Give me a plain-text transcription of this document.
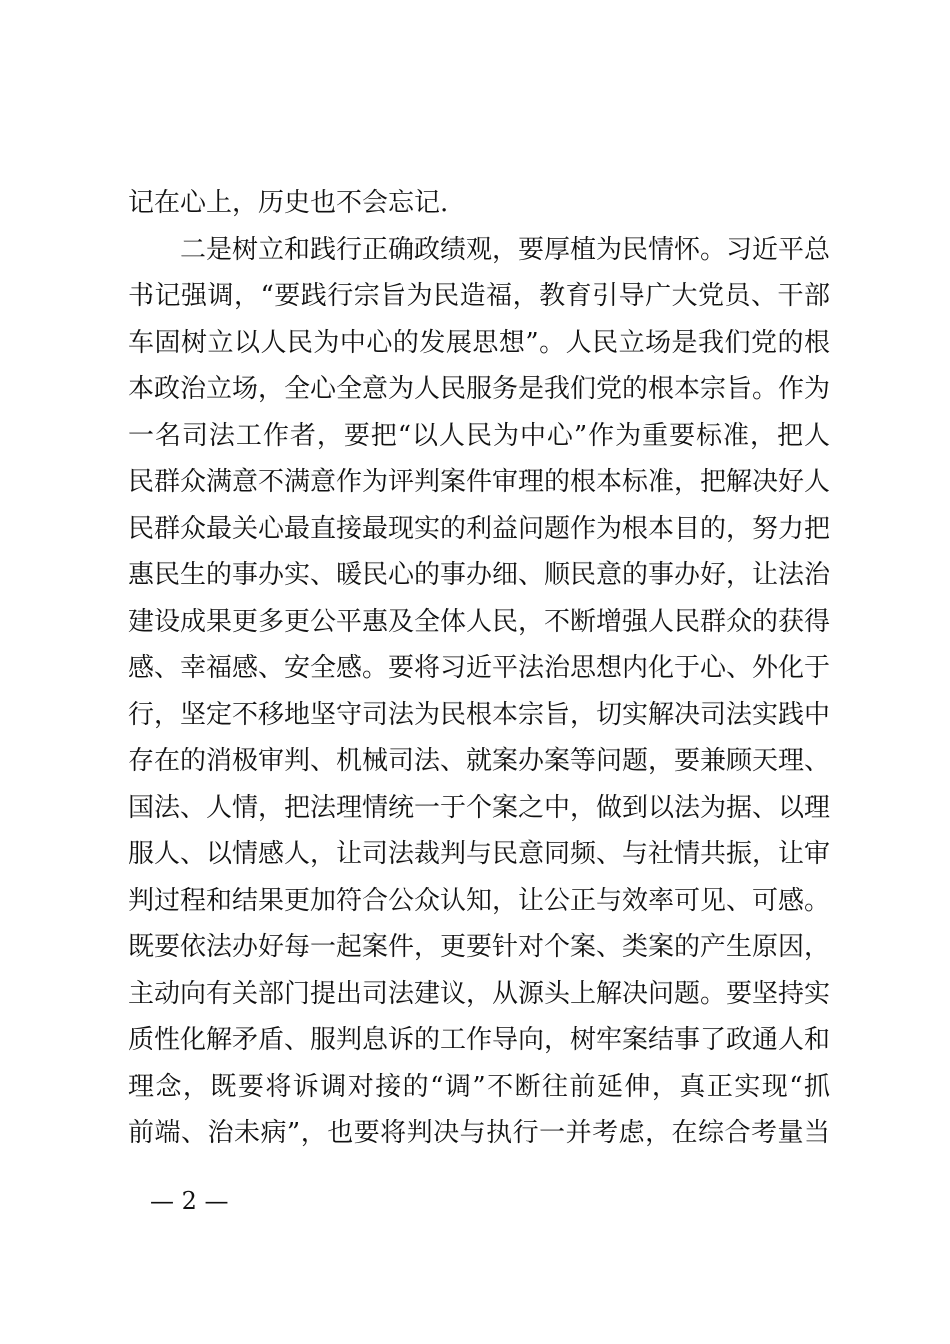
记在心上，历史也不会忘记.
二是树立和践行正确政绩观，要厚植为民情怀。习近平总
书记强调，“要践行宗旨为民造福，教育引导广大党员、干部
车固树立以人民为中心的发展思想”。人民立场是我们党的根
本政治立场，全心全意为人民服务是我们党的根本宗旨。作为
一名司法工作者，要把“以人民为中心”作为重要标准，把人
民群众满意不满意作为评判案件审理的根本标准，把解决好人
民群众最关心最直接最现实的利益问题作为根本目的，努力把
惠民生的事办实、暖民心的事办细、顺民意的事办好，让法治
建设成果更多更公平惠及全体人民，不断增强人民群众的获得
感、幸福感、安全感。要将习近平法治思想内化于心、外化于
行，坚定不移地坚守司法为民根本宗旨，切实解决司法实践中
存在的消极审判、机械司法、就案办案等问题，要兼顾天理、
国法、人情，把法理情统一于个案之中，做到以法为据、以理
服人、以情感人，让司法裁判与民意同频、与社情共振，让审
判过程和结果更加符合公众认知，让公正与效率可见、可感。
既要依法办好每一起案件，更要针对个案、类案的产生原因，
主动向有关部门提出司法建议，从源头上解决问题。要坚持实
质性化解矛盾、服判息诉的工作导向，树牢案结事了政通人和
理念，既要将诉调对接的“调”不断往前延伸，真正实现“抓
前端、治未病”，也要将判决与执行一并考虑，在综合考量当
— 2 —
